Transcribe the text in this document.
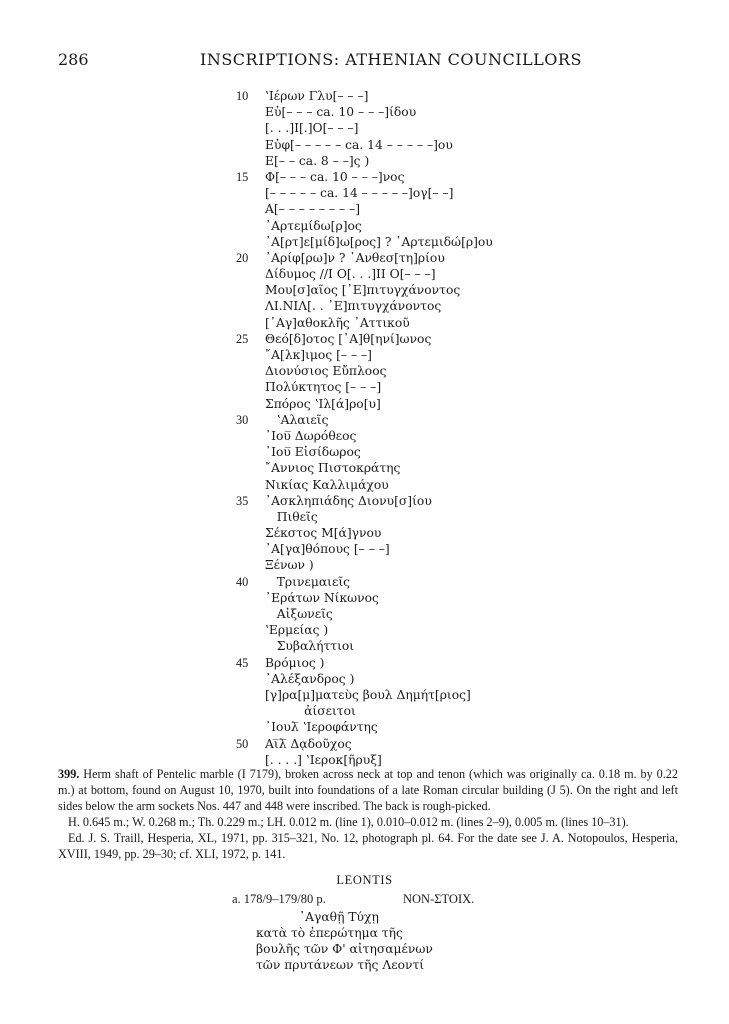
286	INSCRIPTIONS: ATHENIAN COUNCILLORS
10	ʽΙέρων Γλυ[– – –]
Εὐ[– – – ca. 10 – – –]ίδου
[. . .]Ι[.]Ο[– – –]
Εὐφ[– – – – – ca. 14 – – – – –]ου
Ε[– – ca. 8 – –]ς )
15	Φ[– – – ca. 10 – – –]νος
[– – – – – ca. 14 – – – – –]ογ[– –]
Α[– – – – – – – –]
᾿Αρτεμίδω[ρ]ος
᾿Α[ρτ]ε[μίδ]ω[ρος] ? ᾿Αρτεμιδώ[ρ]ου
20	᾿Αρίφ[ρω]ν ? ᾿Ανθεσ[τη]ρίου
Δίδυμος //Ι Ο[. . .]ΙΙ Ο[– – –]
Μου[σ]αῖος [᾿Ε]πιτυγχάνοντος
ΛΙ.ΝΙΛ[. . ᾿Ε]πιτυγχάνοντος
[᾿Αγ]αθοκλῆς ᾿Αττικοῦ
25	Θεό[δ]οτος [᾿Α]θ[ηνί]ωνος
῎Α[λκ]ιμος [– – –]
Διονύσιος Εὔπλοος
Πολύκτητος [– – –]
Σπόρος ʽΙλ[ά]ρο[υ]
30	ʽΑλαιεῖς
᾿Ιου̅ Δωρόθεος
᾿Ιου̅ Εἰσίδωρος
῎Αννιος Πιστοκράτης
Νικίας Καλλιμάχου
35	᾿Ασκληπιάδης Διονυ[σ]ίου
Πιθεῖς
Σέκστος Μ[ά]γνου
᾿Α[γα]θόπους [– – –]
Ξένων )
40	Τρινεμαιεῖς
᾿Εράτων Νίκωνος
Αἰξωνεῖς
ʽΕρμείας )
Συβαλήττιοι
45	Βρόμιος )
᾿Αλέξανδρος )
[γ]ρα[μ]ματεὺς βουλ Δημήτ[ριος]
ἀίσειτοι
᾿Ιουλ̅ ʽΙεροφάντης
50	Αι̅λ̅ Δᾳδοῦχος
[. . . .] ʽΙεροκ[ῆρυξ]

399. Herm shaft of Pentelic marble (I 7179), broken across neck at top and tenon (which was originally ca. 0.18 m. by 0.22 m.) at bottom, found on August 10, 1970, built into foundations of a late Roman circular building (J 5). On the right and left sides below the arm sockets Nos. 447 and 448 were inscribed. The back is rough-picked.

H. 0.645 m.; W. 0.268 m.; Th. 0.229 m.; LH. 0.012 m. (line 1), 0.010–0.012 m. (lines 2–9), 0.005 m. (lines 10–31).

Ed. J. S. Traill, Hesperia, XL, 1971, pp. 315–321, No. 12, photograph pl. 64. For the date see J. A. Notopoulos, Hesperia, XVIII, 1949, pp. 29–30; cf. XLI, 1972, p. 141.

LEONTIS
a. 178/9–179/80 p.	NON-ΣΤΟΙΧ.
᾿Αγαθῇ Τύχῃ
κατὰ τὸ ἐπερώτημα τῆς
βουλῆς τῶν Φ' αἰτησαμένων
τῶν πρυτάνεων τῆς Λεοντί
